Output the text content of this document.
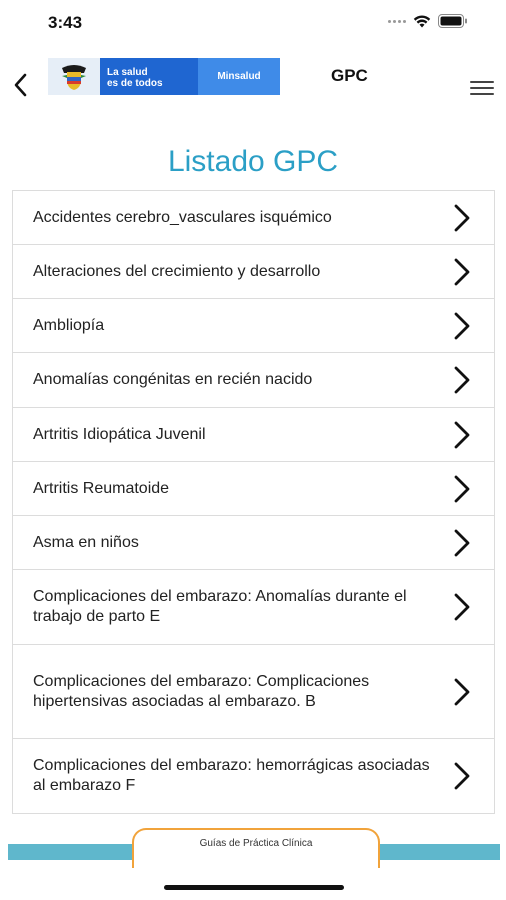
3:43
La salud
es de todos
Minsalud	GPC
Listado GPC
Accidentes cerebro_vasculares isquémico
Alteraciones del crecimiento y desarrollo
Ambliopía
Anomalías congénitas en recién nacido
Artritis Idiopática Juvenil
Artritis Reumatoide
Asma en niños
Complicaciones del embarazo: Anomalías durante el trabajo de parto E
Complicaciones del embarazo: Complicaciones hipertensivas asociadas al embarazo. B
Complicaciones del embarazo: hemorrágicas asociadas al embarazo F
Guías de Práctica Clínica
